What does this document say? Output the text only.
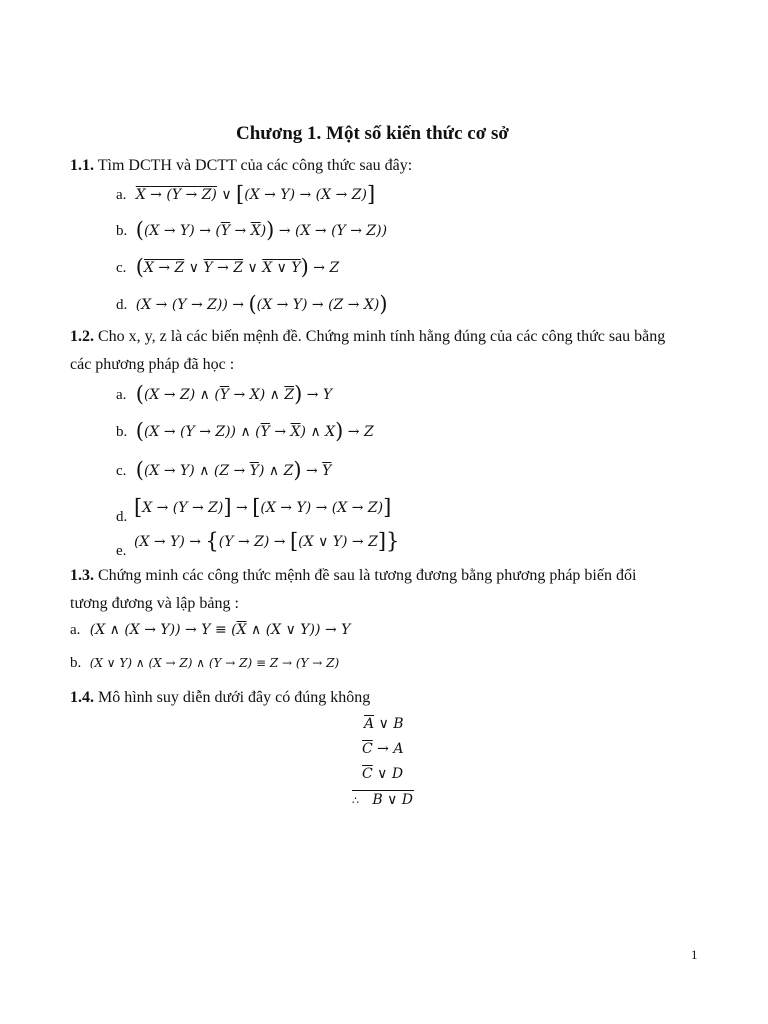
Chương 1. Một số kiến thức cơ sở
1.1. Tìm DCTH và DCTT của các công thức sau đây:
a. X → (Y → Z) ∨ [(X → Y) → (X → Z)]
b. $((X \to Y) \to (\overline{Y} \to \overline{X})) \to (X \to (Y \to Z))$
c. (X → Z ∨ Y → Z ∨ X ∨ Y) → Z
d. (X → (Y → Z)) → ((X → Y) → (Z → X))
1.2. Cho x, y, z là các biến mệnh đề. Chứng minh tính hằng đúng của các công thức sau bằng
các phương pháp đã học :
a. ((X → Z) ∧ $(\overline{Y} \to X)$ ∧ $\overline{Z}) \to Y$
b. ((X → (Y → Z)) ∧ $(\overline{Y} \to \overline{X})$ ∧ X) → Z
c. ((X → Y) ∧ $(Z \to \overline{Y})$ ∧ $Z) \to \overline{Y}$
[X → (Y → Z)] → [(X → Y) → (X → Z)]
d.
(X → Y) → {(Y → Z) → [(X ∨ Y) → Z]}
e.
1.3. Chứng minh các công thức mệnh đề sau là tương đương bằng phương pháp biến đổi
tương đương và lập bảng :
a. (X ∧ $(X \to Y)) \to Y \equiv (\overline{X}$ ∧ (X ∨ Y)) → Y
b. (X ∨ Y) ∧ (X → Z) ∧ (Y → Z) ≡ Z → (Y → Z)
1.4. Mô hình suy diễn dưới đây có đúng không
$\overline{A}$ ∨ B
$\overline{C} \to A$
$\overline{C}$ ∨ D
∴   B ∨ D
1
